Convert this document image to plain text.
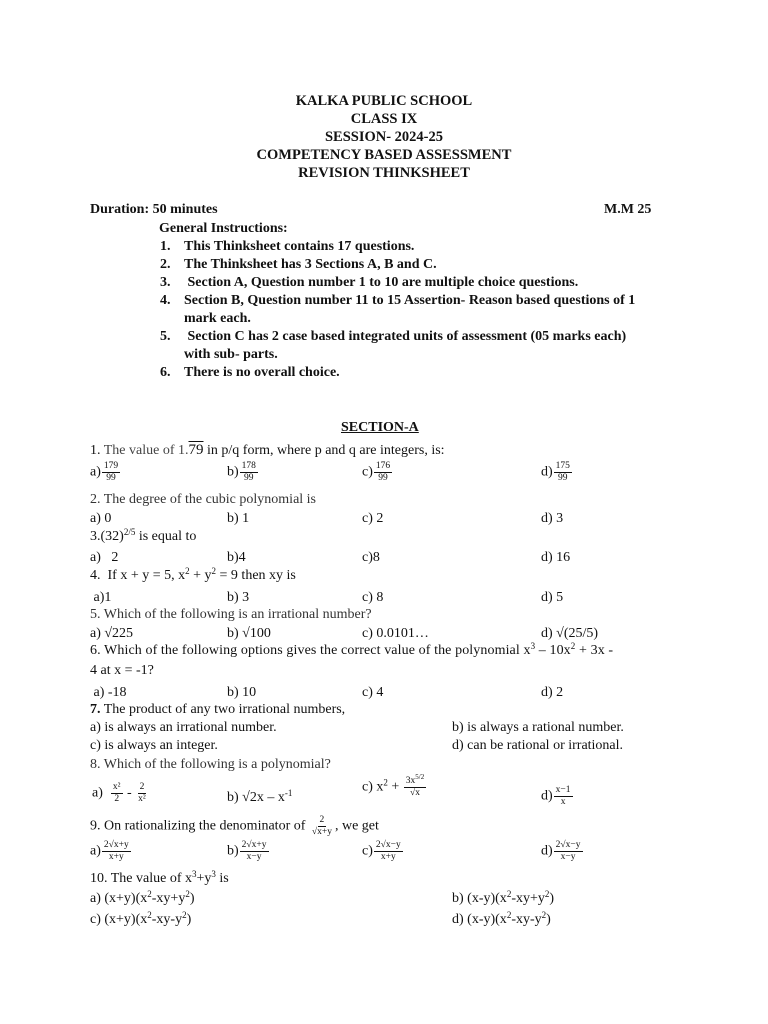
KALKA PUBLIC SCHOOL
CLASS IX
SESSION- 2024-25
COMPETENCY BASED ASSESSMENT
REVISION THINKSHEET
Duration: 50 minutes	M.M 25
General Instructions:
1. This Thinksheet contains 17 questions.
2. The Thinksheet has 3 Sections A, B and C.
3. Section A, Question number 1 to 10 are multiple choice questions.
4. Section B, Question number 11 to 15 Assertion- Reason based questions of 1
mark each.
5. Section C has 2 case based integrated units of assessment (05 marks each)
with sub- parts.
6. There is no overall choice.
SECTION-A
1. The value of 1.79 in p/q form, where p and q are integers, is:
$a) \frac{179}{99}$	$b) \frac{178}{99}$	$c) \frac{176}{99}$	$d) \frac{175}{99}$
2. The degree of the cubic polynomial is
a) 0	b) 1	c) 2	d) 3
$3.(32)^{2/5}$ is equal to
a)   2	b)4	c)8	d) 16
4.  If x + y = 5, $x^2 + y^2 = 9$ then xy is
a)1	b) 3	c) 8	d) 5
5. Which of the following is an irrational number?
a) √225	b) √100	c) 0.0101…	d) √(25/5)
6. Which of the following options gives the correct value of the polynomial $x^3 - 10x^2 + 3x$ -
4 at x = -1?
a) -18	b) 10	c) 4	d) 2
7. The product of any two irrational numbers,
a) is always an irrational number.	b) is always a rational number.
c) is always an integer.	d) can be rational or irrational.
8. Which of the following is a polynomial?
$a) \frac{\text{x²}}{2} - \frac{2}{\text{x²}}$	b) $√2x - x^{-1}$	c) $x^2 + \frac{3x^{5/2}}{√x}$	$d) \frac{x-1}{x}$
9. On rationalizing the denominator of $\frac{2}{√x+y}$ , we get
$a) \frac{2√x+y}{x+y}$	$b) \frac{2√x+y}{x-y}$	$c) \frac{2√x-y}{x+y}$	$d) \frac{2√x-y}{x-y}$
10. The value of $x^3+y^3$ is
a) $(x+y)(x^2-xy+y^2)$	b) $(x-y)(x^2-xy+y^2)$
c) $(x+y)(x^2-xy-y^2)$	d) $(x-y)(x^2-xy-y^2)$
